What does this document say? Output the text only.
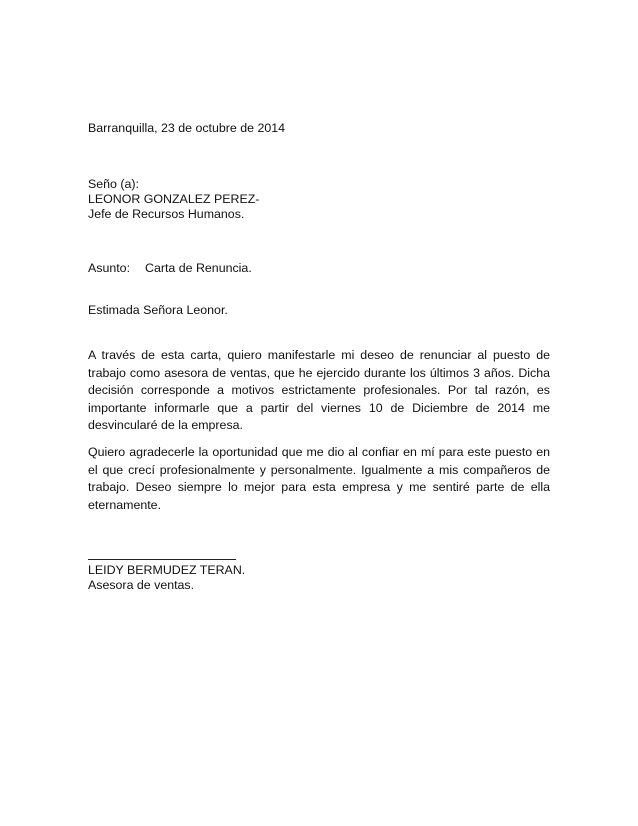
Barranquilla, 23 de octubre de 2014
Seño (a):
LEONOR GONZALEZ PEREZ-
Jefe de Recursos Humanos.
Asunto: Carta de Renuncia.
Estimada Señora Leonor.
A través de esta carta, quiero manifestarle mi deseo de renunciar al puesto de trabajo como asesora de ventas, que he ejercido durante los últimos 3 años. Dicha decisión corresponde a motivos estrictamente profesionales. Por tal razón, es importante informarle que a partir del viernes 10 de Diciembre de 2014 me desvincularé de la empresa.
Quiero agradecerle la oportunidad que me dio al confiar en mí para este puesto en el que crecí profesionalmente y personalmente. Igualmente a mis compañeros de trabajo. Deseo siempre lo mejor para esta empresa y me sentiré parte de ella eternamente.
LEIDY BERMUDEZ TERAN.
Asesora de ventas.
